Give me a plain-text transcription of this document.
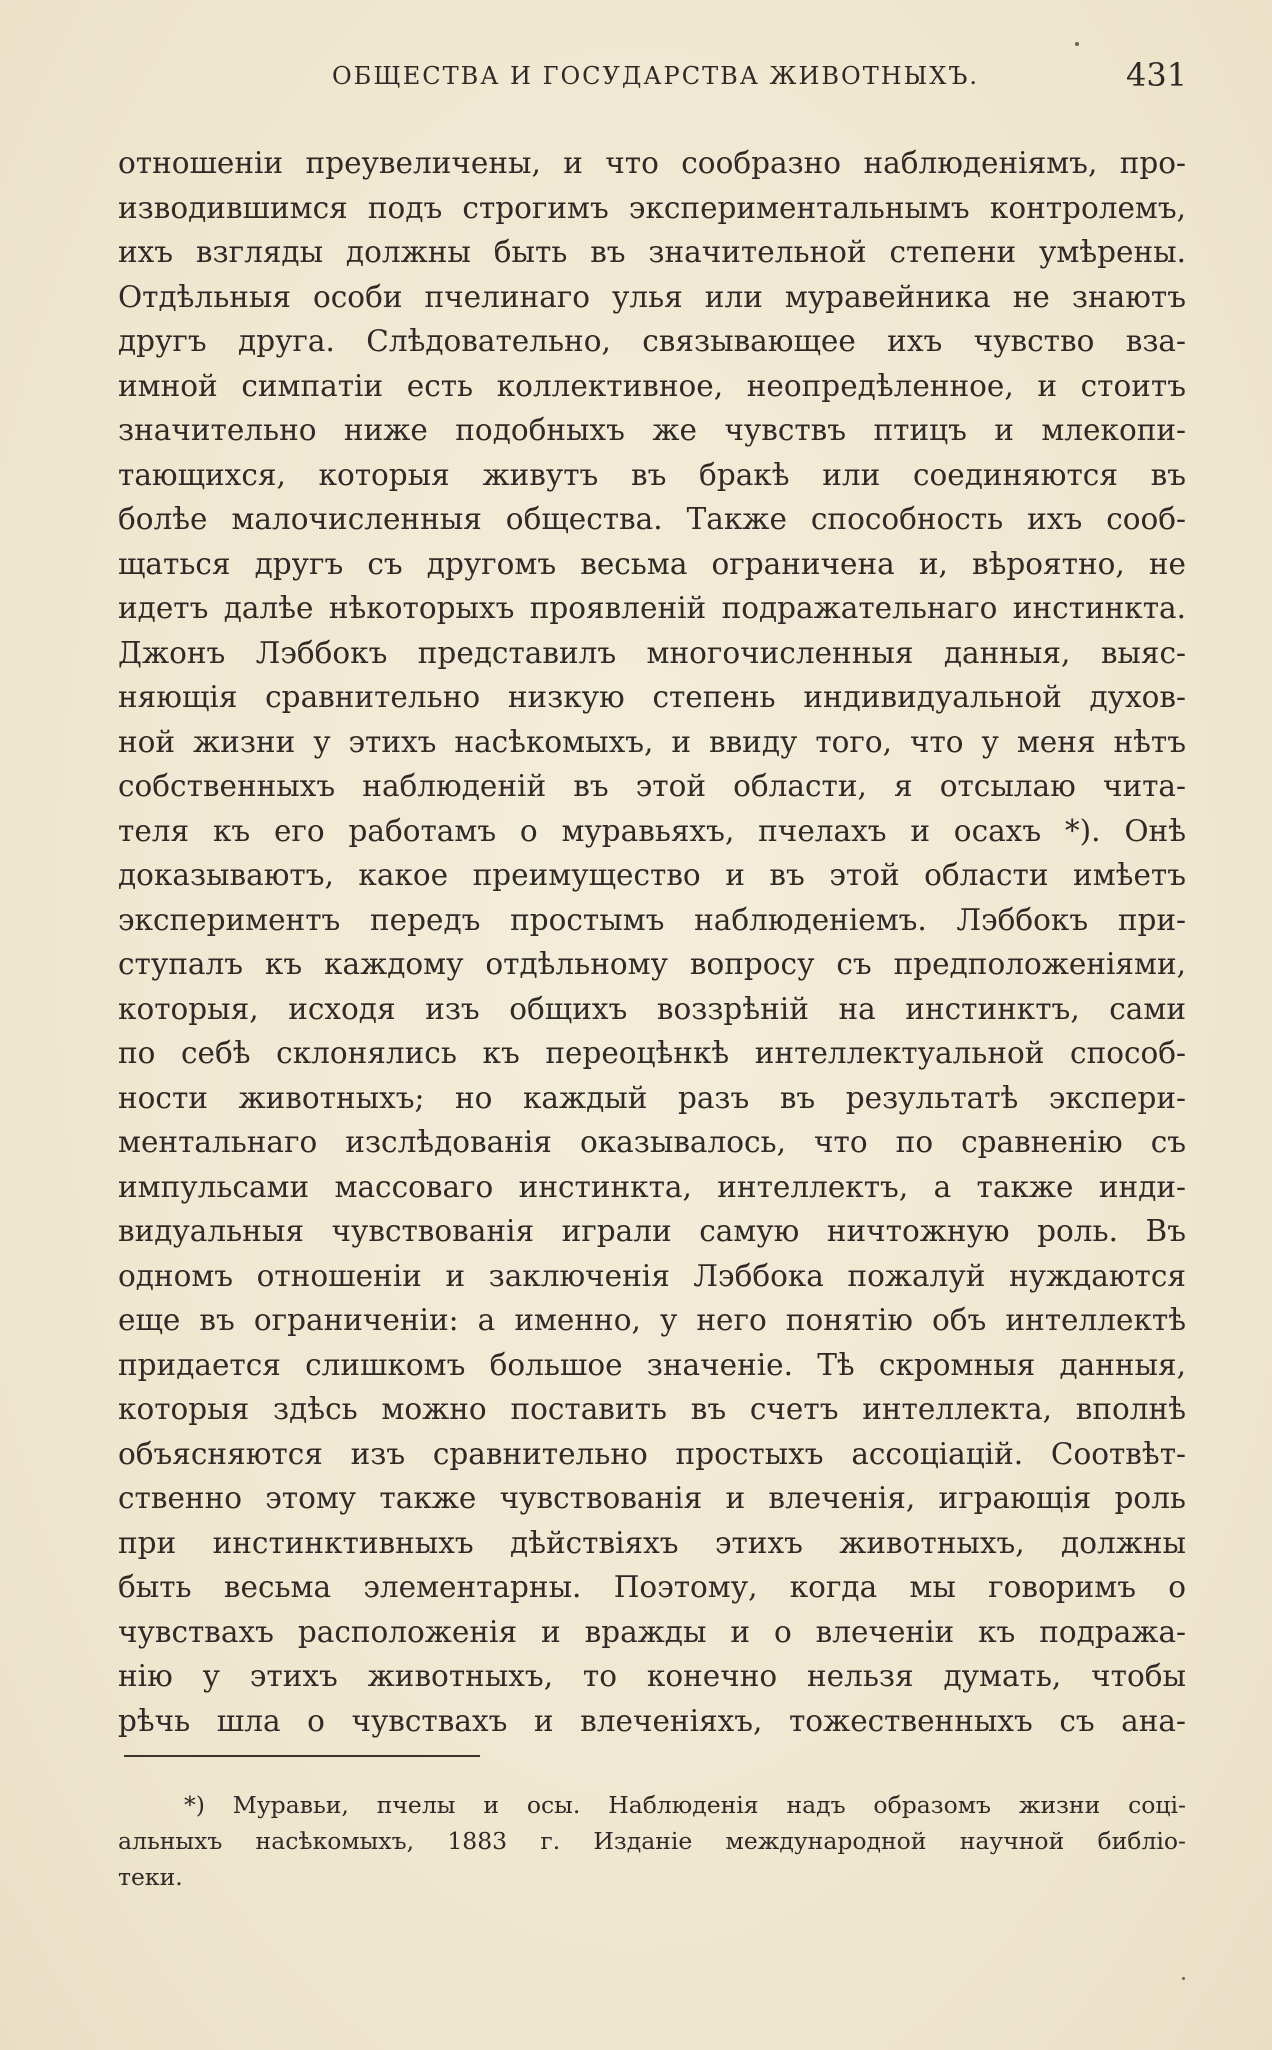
ОБЩЕСТВА И ГОСУДАРСТВА ЖИВОТНЫХЪ.	431
отношенiи преувеличены, и что сообразно наблюденiямъ, про-
изводившимся подъ строгимъ экспериментальнымъ контролемъ,
ихъ взгляды должны быть въ значительной степени умѣрены.
Отдѣльныя особи пчелинаго улья или муравейника не знаютъ
другъ друга. Слѣдовательно, связывающее ихъ чувство вза-
имной симпатiи есть коллективное, неопредѣленное, и стоитъ
значительно ниже подобныхъ же чувствъ птицъ и млекопи-
тающихся, которыя живутъ въ бракѣ или соединяются въ
болѣе малочисленныя общества. Также способность ихъ сооб-
щаться другъ съ другомъ весьма ограничена и, вѣроятно, не
идетъ далѣе нѣкоторыхъ проявленiй подражательнаго инстинкта.
Джонъ Лэббокъ представилъ многочисленныя данныя, выяс-
няющiя сравнительно низкую степень индивидуальной духов-
ной жизни у этихъ насѣкомыхъ, и ввиду того, что у меня нѣтъ
собственныхъ наблюденiй въ этой области, я отсылаю чита-
теля къ его работамъ о муравьяхъ, пчелахъ и осахъ *). Онѣ
доказываютъ, какое преимущество и въ этой области имѣетъ
экспериментъ передъ простымъ наблюденiемъ. Лэббокъ при-
ступалъ къ каждому отдѣльному вопросу съ предположенiями,
которыя, исходя изъ общихъ воззрѣнiй на инстинктъ, сами
по себѣ склонялись къ переоцѣнкѣ интеллектуальной способ-
ности животныхъ; но каждый разъ въ результатѣ экспери-
ментальнаго изслѣдованiя оказывалось, что по сравненiю съ
импульсами массоваго инстинкта, интеллектъ, а также инди-
видуальныя чувствованiя играли самую ничтожную роль. Въ
одномъ отношенiи и заключенiя Лэббока пожалуй нуждаются
еще въ ограниченiи: а именно, у него понятiю объ интеллектѣ
придается слишкомъ большое значенiе. Тѣ скромныя данныя,
которыя здѣсь можно поставить въ счетъ интеллекта, вполнѣ
объясняются изъ сравнительно простыхъ ассоцiацiй. Соотвѣт-
ственно этому также чувствованiя и влеченiя, играющiя роль
при инстинктивныхъ дѣйствiяхъ этихъ животныхъ, должны
быть весьма элементарны. Поэтому, когда мы говоримъ о
чувствахъ расположенiя и вражды и о влеченiи къ подража-
нiю у этихъ животныхъ, то конечно нельзя думать, чтобы
рѣчь шла о чувствахъ и влеченiяхъ, тожественныхъ съ ана-
*) Муравьи, пчелы и осы. Наблюденiя надъ образомъ жизни соцi-
альныхъ насѣкомыхъ, 1883 г. Изданiе международной научной библiо-
теки.
